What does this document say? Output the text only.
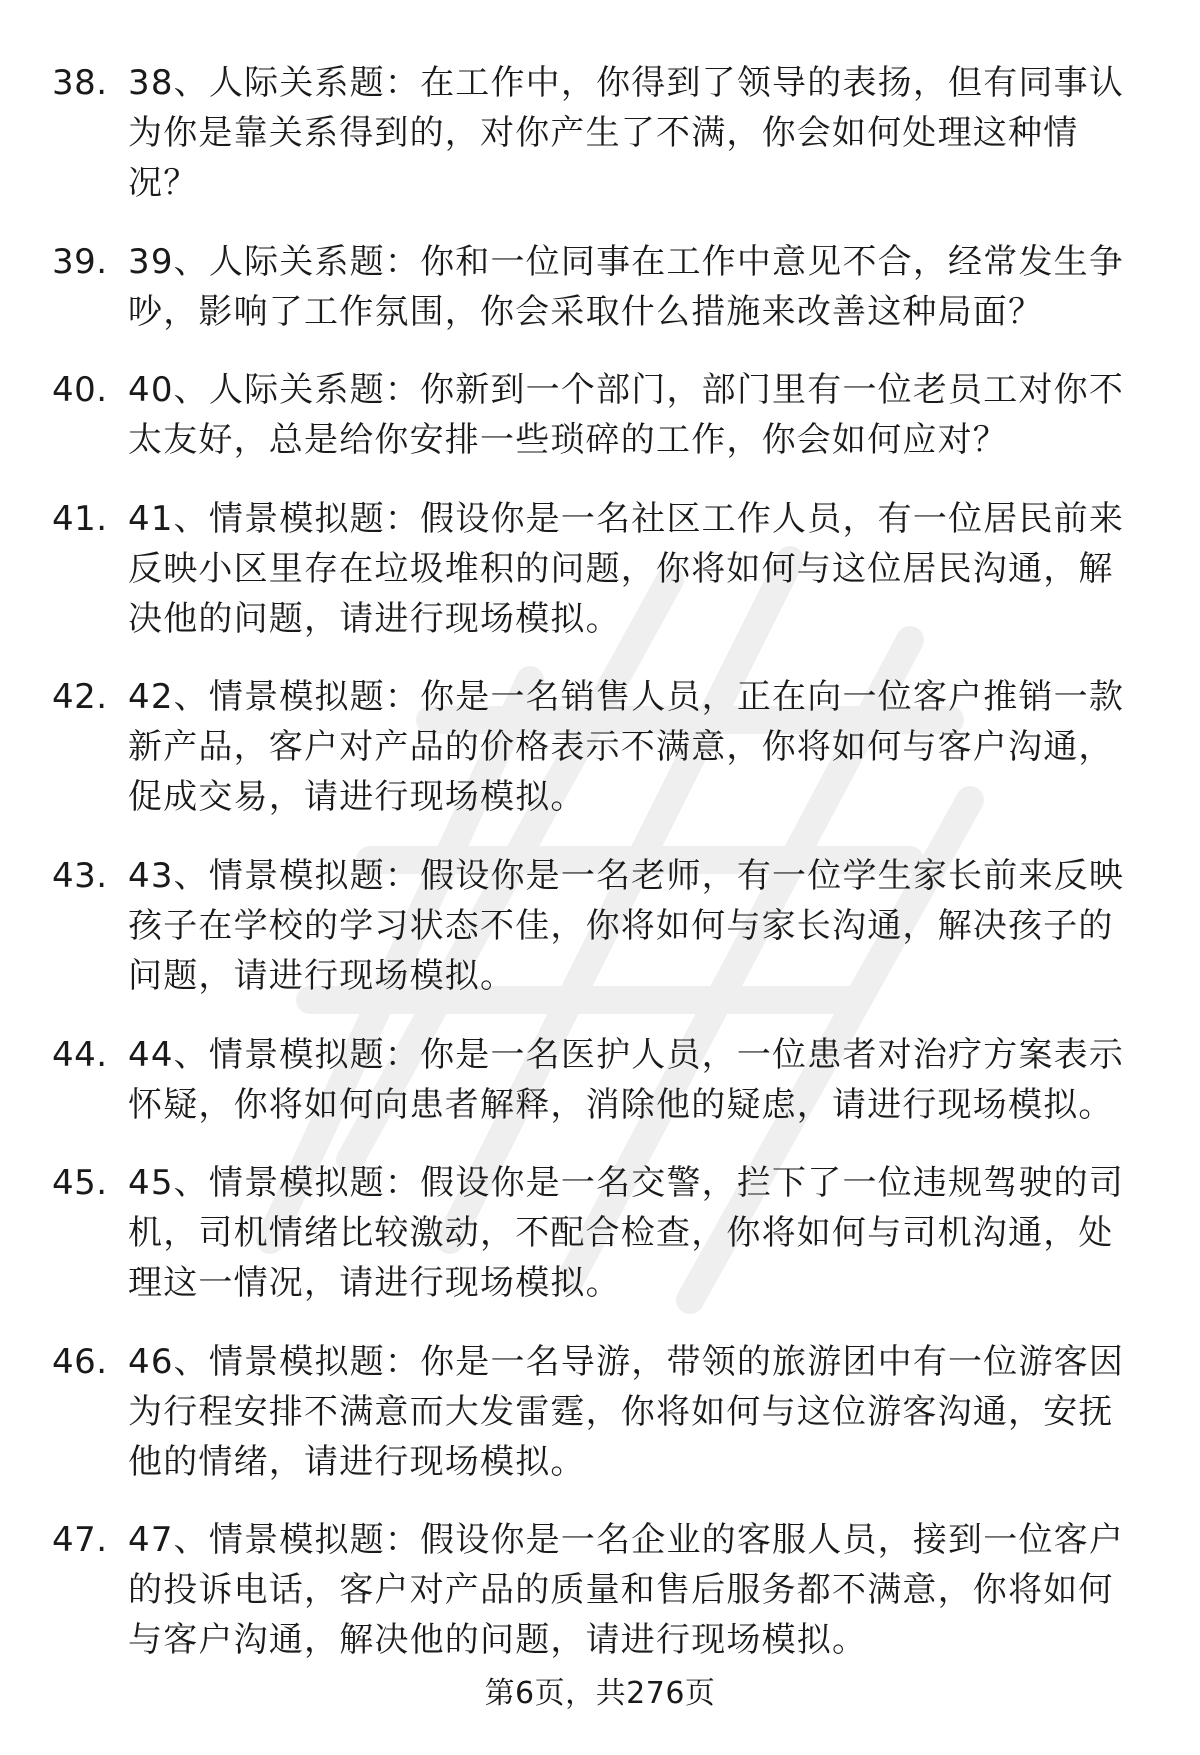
38. 38、人际关系题：在工作中，你得到了领导的表扬，但有同事认为你是靠关系得到的，对你产生了不满，你会如何处理这种情况？

39. 39、人际关系题：你和一位同事在工作中意见不合，经常发生争吵，影响了工作氛围，你会采取什么措施来改善这种局面？

40. 40、人际关系题：你新到一个部门，部门里有一位老员工对你不太友好，总是给你安排一些琐碎的工作，你会如何应对？

41. 41、情景模拟题：假设你是一名社区工作人员，有一位居民前来反映小区里存在垃圾堆积的问题，你将如何与这位居民沟通，解决他的问题，请进行现场模拟。

42. 42、情景模拟题：你是一名销售人员，正在向一位客户推销一款新产品，客户对产品的价格表示不满意，你将如何与客户沟通，促成交易，请进行现场模拟。

43. 43、情景模拟题：假设你是一名老师，有一位学生家长前来反映孩子在学校的学习状态不佳，你将如何与家长沟通，解决孩子的问题，请进行现场模拟。

44. 44、情景模拟题：你是一名医护人员，一位患者对治疗方案表示怀疑，你将如何向患者解释，消除他的疑虑，请进行现场模拟。

45. 45、情景模拟题：假设你是一名交警，拦下了一位违规驾驶的司机，司机情绪比较激动，不配合检查，你将如何与司机沟通，处理这一情况，请进行现场模拟。

46. 46、情景模拟题：你是一名导游，带领的旅游团中有一位游客因为行程安排不满意而大发雷霆，你将如何与这位游客沟通，安抚他的情绪，请进行现场模拟。

47. 47、情景模拟题：假设你是一名企业的客服人员，接到一位客户的投诉电话，客户对产品的质量和售后服务都不满意，你将如何与客户沟通，解决他的问题，请进行现场模拟。

第6页，共276页
